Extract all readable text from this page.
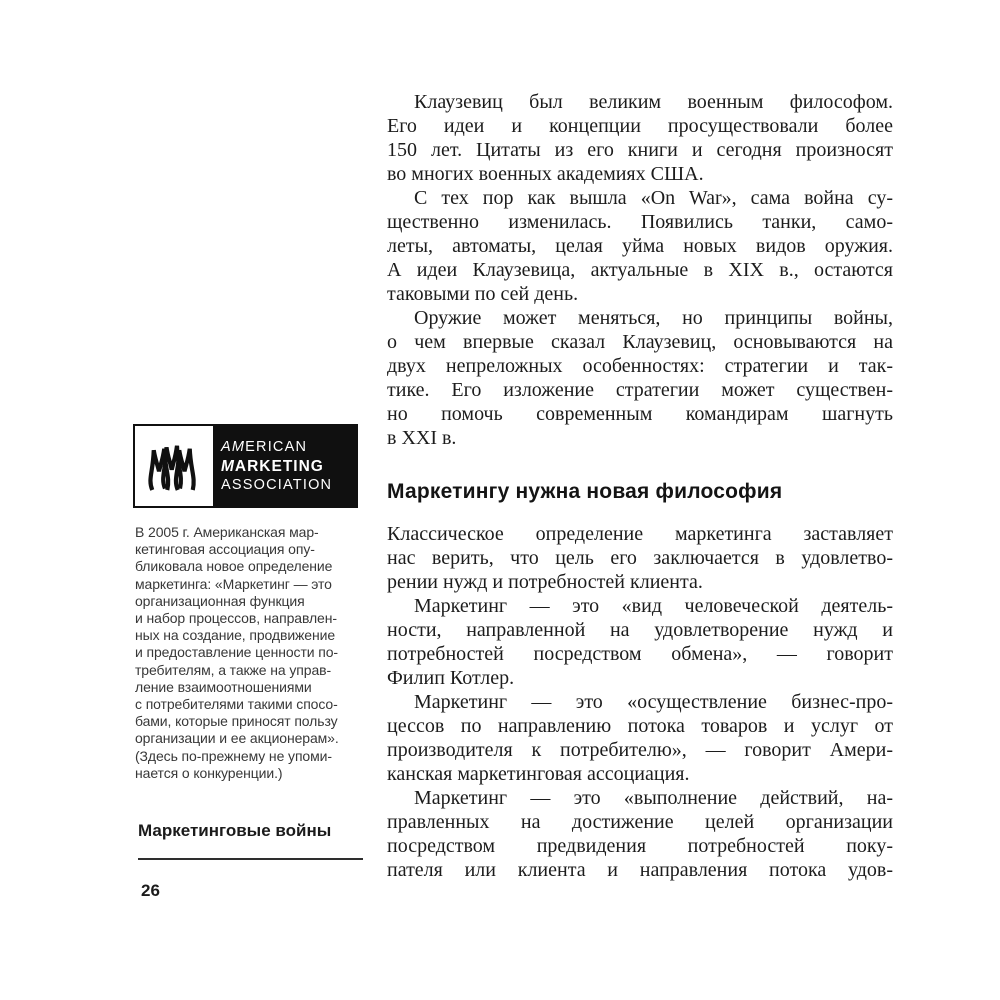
AMERICAN
MARKETING
ASSOCIATION
В 2005 г. Американская мар-
кетинговая ассоциация опу-
бликовала новое определение
маркетинга: «Маркетинг — это
организационная функция
и набор процессов, направлен-
ных на создание, продвижение
и предоставление ценности по-
требителям, а также на управ-
ление взаимоотношениями
с потребителями такими спосо-
бами, которые приносят пользу
организации и ее акционерам».
(Здесь по-прежнему не упоми-
нается о конкуренции.)
Маркетинговые войны
26
Клаузевиц был великим военным философом.
Его идеи и концепции просуществовали более
150 лет. Цитаты из его книги и сегодня произносят
во многих военных академиях США.
С тех пор как вышла «On War», сама война су-
щественно изменилась. Появились танки, само-
леты, автоматы, целая уйма новых видов оружия.
А идеи Клаузевица, актуальные в XIX в., остаются
таковыми по сей день.
Оружие может меняться, но принципы войны,
о чем впервые сказал Клаузевиц, основываются на
двух непреложных особенностях: стратегии и так-
тике. Его изложение стратегии может существен-
но помочь современным командирам шагнуть
в XXI в.
Маркетингу нужна новая философия
Классическое определение маркетинга заставляет
нас верить, что цель его заключается в удовлетво-
рении нужд и потребностей клиента.
Маркетинг — это «вид человеческой деятель-
ности, направленной на удовлетворение нужд и
потребностей посредством обмена», — говорит
Филип Котлер.
Маркетинг — это «осуществление бизнес-про-
цессов по направлению потока товаров и услуг от
производителя к потребителю», — говорит Амери-
канская маркетинговая ассоциация.
Маркетинг — это «выполнение действий, на-
правленных на достижение целей организации
посредством предвидения потребностей поку-
пателя или клиента и направления потока удов-
